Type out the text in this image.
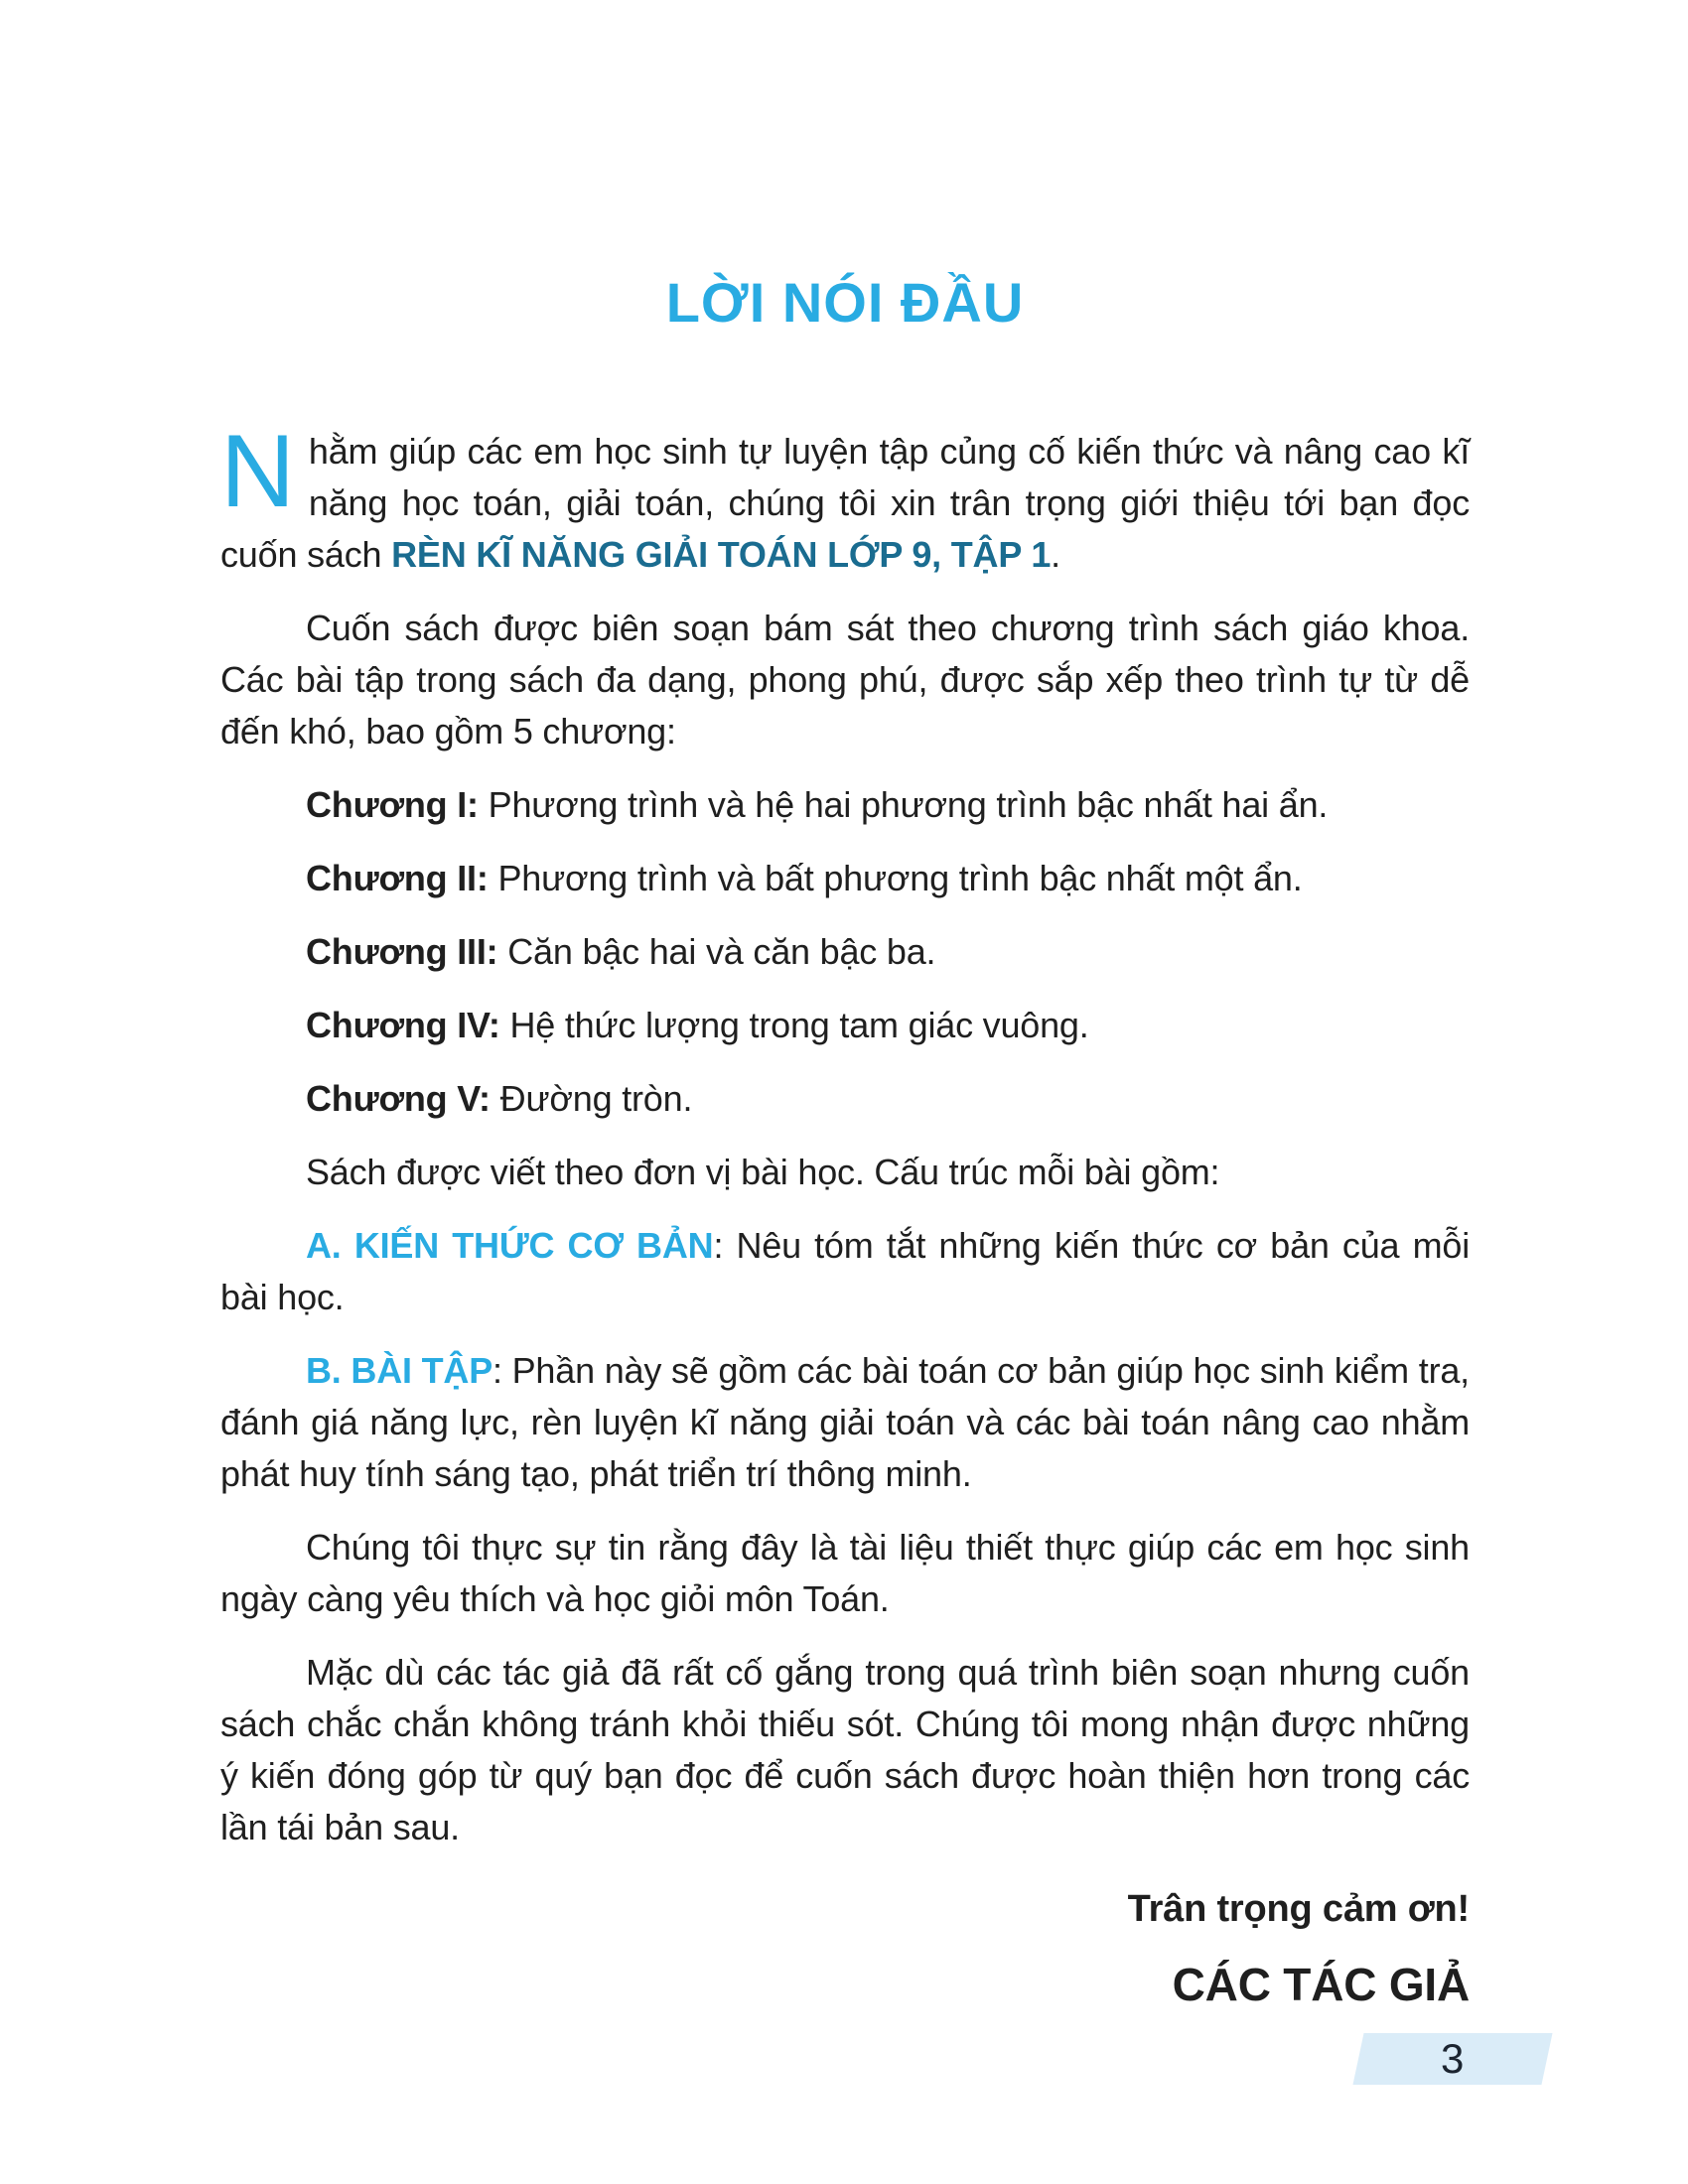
LỜI NÓI ĐẦU

Nhằm giúp các em học sinh tự luyện tập củng cố kiến thức và nâng cao kĩ năng học toán, giải toán, chúng tôi xin trân trọng giới thiệu tới bạn đọc cuốn sách RÈN KĨ NĂNG GIẢI TOÁN LỚP 9, TẬP 1.

Cuốn sách được biên soạn bám sát theo chương trình sách giáo khoa. Các bài tập trong sách đa dạng, phong phú, được sắp xếp theo trình tự từ dễ đến khó, bao gồm 5 chương:

Chương I: Phương trình và hệ hai phương trình bậc nhất hai ẩn.

Chương II: Phương trình và bất phương trình bậc nhất một ẩn.

Chương III: Căn bậc hai và căn bậc ba.

Chương IV: Hệ thức lượng trong tam giác vuông.

Chương V: Đường tròn.

Sách được viết theo đơn vị bài học. Cấu trúc mỗi bài gồm:

A. KIẾN THỨC CƠ BẢN: Nêu tóm tắt những kiến thức cơ bản của mỗi bài học.

B. BÀI TẬP: Phần này sẽ gồm các bài toán cơ bản giúp học sinh kiểm tra, đánh giá năng lực, rèn luyện kĩ năng giải toán và các bài toán nâng cao nhằm phát huy tính sáng tạo, phát triển trí thông minh.

Chúng tôi thực sự tin rằng đây là tài liệu thiết thực giúp các em học sinh ngày càng yêu thích và học giỏi môn Toán.

Mặc dù các tác giả đã rất cố gắng trong quá trình biên soạn nhưng cuốn sách chắc chắn không tránh khỏi thiếu sót. Chúng tôi mong nhận được những ý kiến đóng góp từ quý bạn đọc để cuốn sách được hoàn thiện hơn trong các lần tái bản sau.

Trân trọng cảm ơn!

CÁC TÁC GIẢ

3
